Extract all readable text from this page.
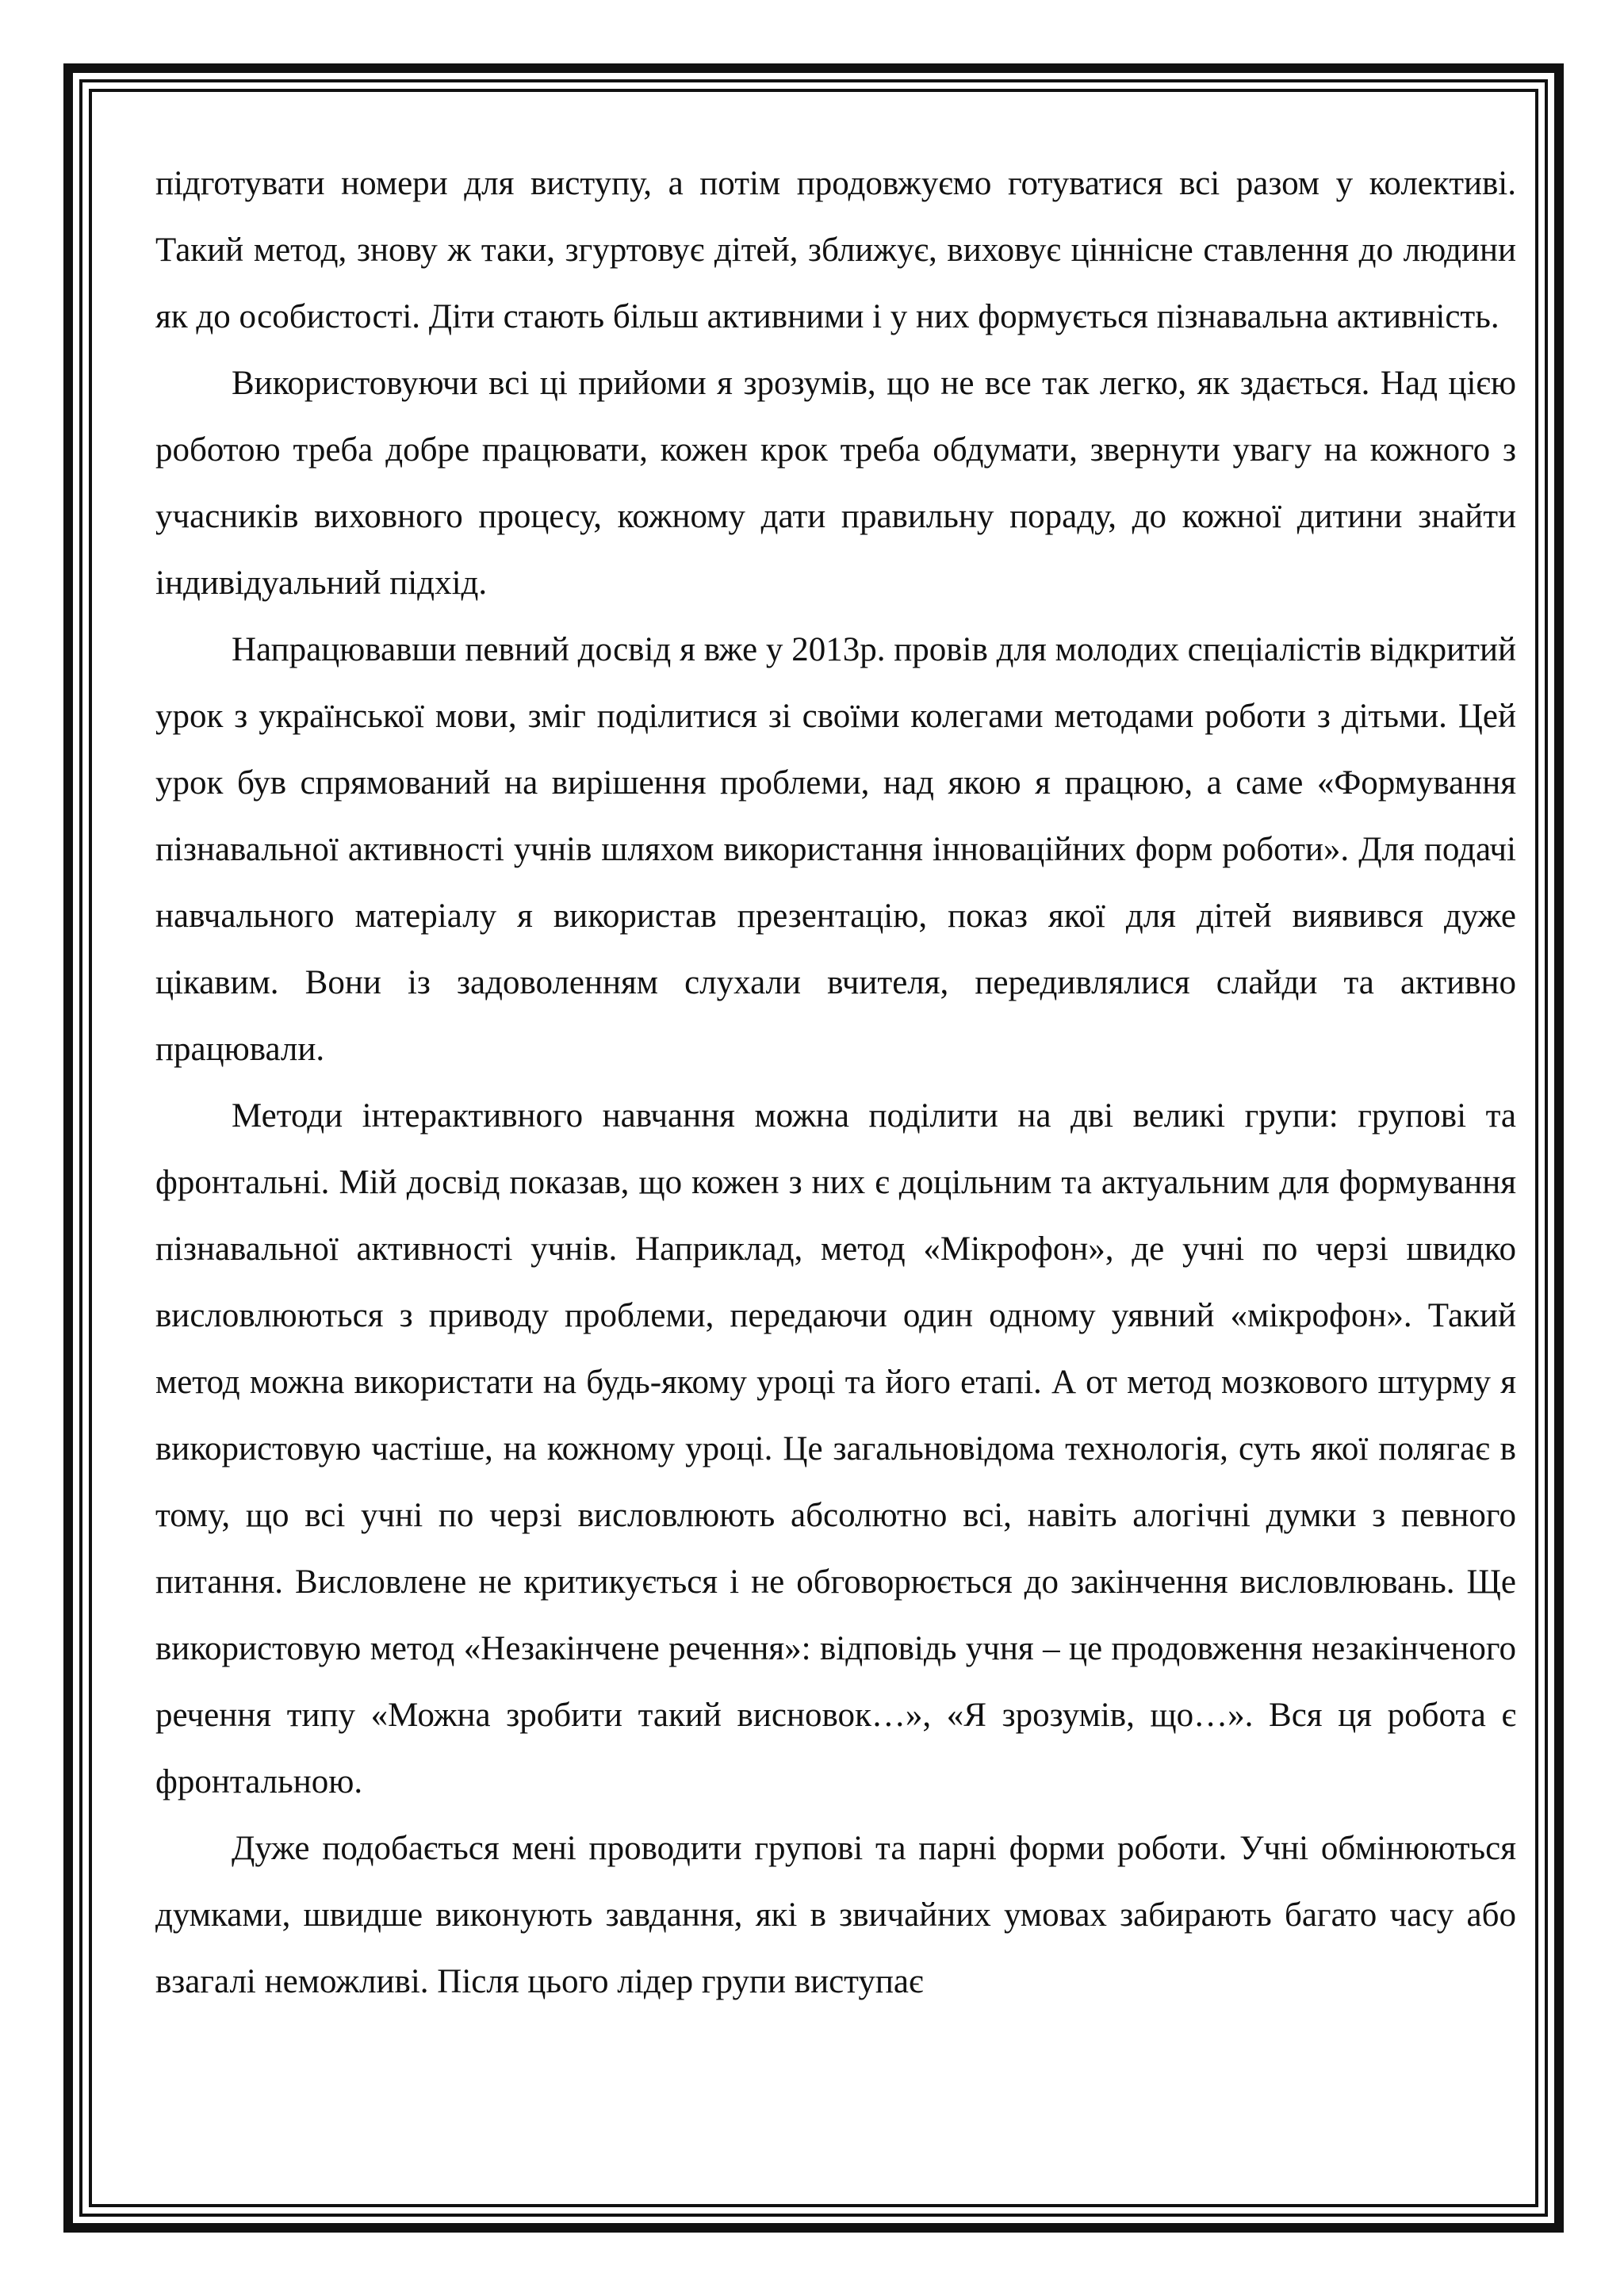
підготувати номери для виступу, а потім продовжуємо готуватися всі разом у колективі. Такий метод, знову ж таки, згуртовує дітей, зближує, виховує ціннісне ставлення до людини як до особистості. Діти стають більш активними і у них формується пізнавальна активність.

Використовуючи всі ці прийоми я зрозумів, що не все так легко, як здається. Над цією роботою треба добре працювати, кожен крок треба обдумати, звернути увагу на кожного з учасників виховного процесу, кожному дати правильну пораду, до кожної дитини знайти індивідуальний підхід.

Напрацювавши певний досвід я вже у 2013р. провів для молодих спеціалістів відкритий урок з української мови, зміг поділитися зі своїми колегами методами роботи з дітьми. Цей урок був спрямований на вирішення проблеми, над якою я працюю, а саме «Формування пізнавальної активності учнів шляхом використання інноваційних форм роботи». Для подачі навчального матеріалу я використав презентацію, показ якої для дітей виявився дуже цікавим. Вони із задоволенням слухали вчителя, передивлялися слайди та активно працювали.

Методи інтерактивного навчання можна поділити на дві великі групи: групові та фронтальні. Мій досвід показав, що кожен з них є доцільним та актуальним для формування пізнавальної активності учнів. Наприклад, метод «Мікрофон», де учні по черзі швидко висловлюються з приводу проблеми, передаючи один одному уявний «мікрофон». Такий метод можна використати на будь-якому уроці та його етапі. А от метод мозкового штурму я використовую частіше, на кожному уроці. Це загальновідома технологія, суть якої полягає в тому, що всі учні по черзі висловлюють абсолютно всі, навіть алогічні думки з певного питання. Висловлене не критикується і не обговорюється до закінчення висловлювань. Ще використовую метод «Незакінчене речення»: відповідь учня – це продовження незакінченого речення типу «Можна зробити такий висновок…», «Я зрозумів, що…». Вся ця робота є фронтальною.

Дуже подобається мені проводити групові та парні форми роботи. Учні обмінюються думками, швидше виконують завдання, які в звичайних умовах забирають багато часу або взагалі неможливі. Після цього лідер групи виступає
